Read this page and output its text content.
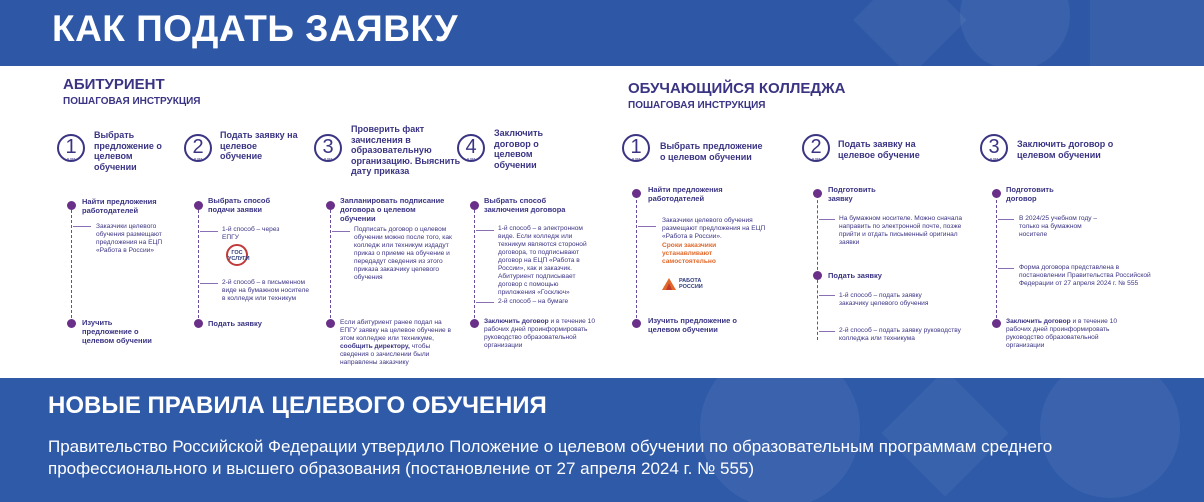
КАК ПОДАТЬ ЗАЯВКУ
АБИТУРИЕНТ
ПОШАГОВАЯ ИНСТРУКЦИЯ
1
шаг
Выбрать предложение о целевом обучении
2
шаг
Подать заявку на целевое обучение	3
шаг
Проверить факт зачисления в образовательную организацию. Выяснить дату приказа
4
шаг
Заключить договор о целевом обучении
Найти предложения работодателей
Заказчики целевого обучения размещают предложения на ЕЦП «Работа в России»
Изучить предложение о целевом обучении
Выбрать способ подачи заявки
1-й способ – через ЕПГУ
ГОС УСЛУГИ
2-й способ – в письменном виде на бумажном носителе в колледж или техникум
Подать заявку
Запланировать подписание договора о целевом обучении
Подписать договор о целевом обучении можно после того, как колледж или техникум издадут приказ о приеме на обучение и передадут сведения из этого приказа заказчику целевого обучения
Если абитуриент ранее подал на ЕПГУ заявку на целевое обучение в этом колледже или техникуме, сообщить директору, чтобы сведения о зачислении были направлены заказчику
Выбрать способ заключения договора
1-й способ – в электронном виде. Если колледж или техникум являются стороной договора, то подписывают договор на ЕЦП «Работа в России», как и заказчик. Абитуриент подписывает договор с помощью приложения «Госключ»
2-й способ – на бумаге
Заключить договор и в течение 10 рабочих дней проинформировать руководство образовательной организации
ОБУЧАЮЩИЙСЯ КОЛЛЕДЖА
ПОШАГОВАЯ ИНСТРУКЦИЯ
1
шаг
Выбрать предложение о целевом обучении	2
шаг
Подать заявку на целевое обучение	3
шаг
Заключить договор о целевом обучении
Найти предложения работодателей
Заказчики целевого обучения размещают предложения на ЕЦП «Работа в России».
Сроки заказчики устанавливают самостоятельно
РАБОТА РОССИИ
Изучить предложение о целевом обучении
Подготовить заявку
На бумажном носителе. Можно сначала направить по электронной почте, позже прийти и отдать письменный оригинал заявки
Подать заявку
1-й способ – подать заявку заказчику целевого обучения
2-й способ – подать заявку руководству колледжа или техникума
Подготовить договор
В 2024/25 учебном году – только на бумажном носителе
Форма договора представлена в постановлении Правительства Российской Федерации от 27 апреля 2024 г. № 555
Заключить договор и в течение 10 рабочих дней проинформировать руководство образовательной организации
НОВЫЕ ПРАВИЛА ЦЕЛЕВОГО ОБУЧЕНИЯ
Правительство Российской Федерации утвердило Положение о целевом обучении по образовательным программам среднего профессионального и высшего образования (постановление от 27 апреля 2024 г. № 555)
